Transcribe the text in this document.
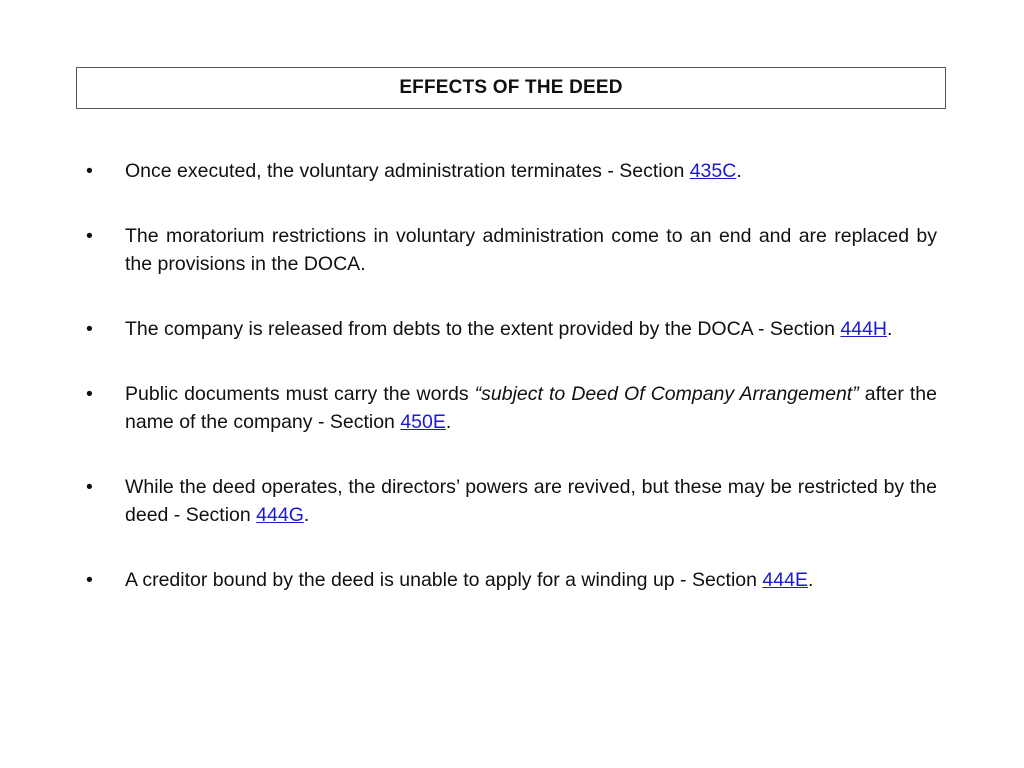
EFFECTS OF THE DEED
•	Once executed, the voluntary administration terminates - Section 435C.
•	The moratorium restrictions in voluntary administration come to an end and are replaced by the provisions in the DOCA.
•	The company is released from debts to the extent provided by the DOCA - Section 444H.
•	Public documents must carry the words “subject to Deed Of Company Arrangement” after the name of the company - Section 450E.
•	While the deed operates, the directors’ powers are revived, but these may be restricted by the deed - Section 444G.
•	A creditor bound by the deed is unable to apply for a winding up - Section 444E.
